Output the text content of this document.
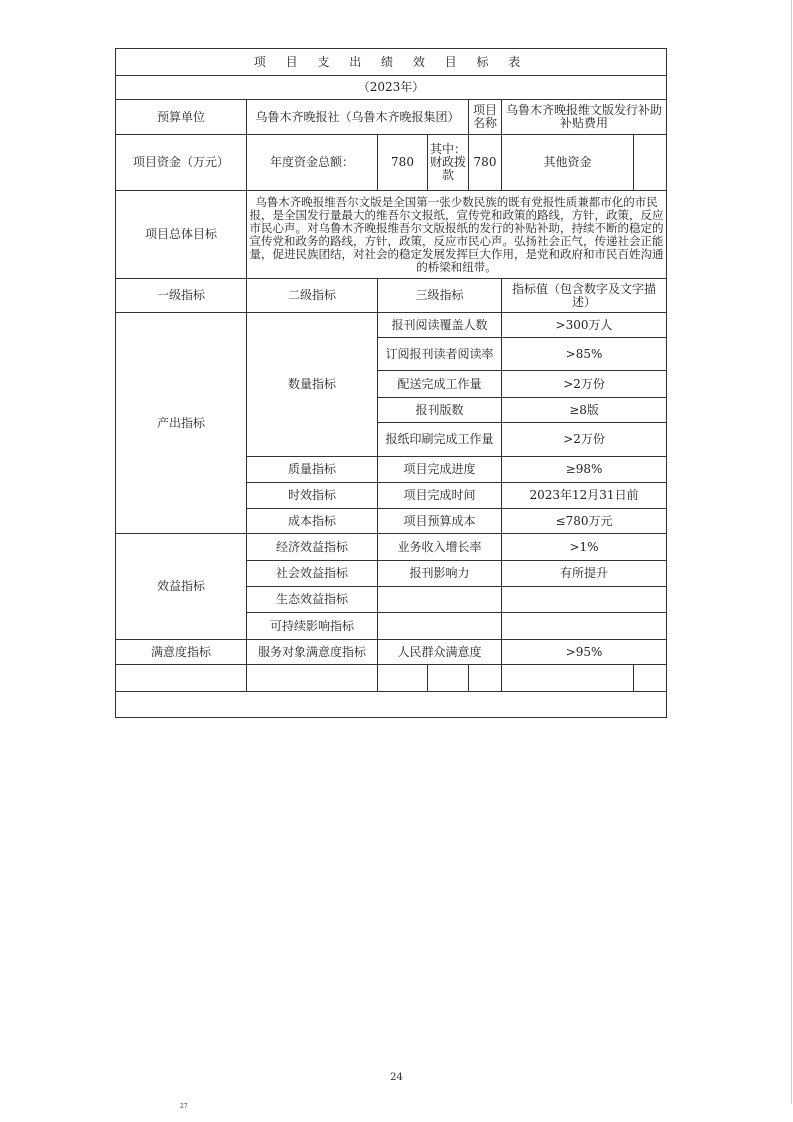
项 目 支 出 绩 效 目 标 表						
（2023年）						
预算单位	乌鲁木齐晚报社（乌鲁木齐晚报集团）			项目名称	乌鲁木齐晚报维文版发行补助补贴费用	
项目资金（万元）	年度资金总额：	780	其中：财政拨款	780	其他资金	
项目总体目标	乌鲁木齐晚报维吾尔文版是全国第一张少数民族的既有党报性质兼都市化的市民报，是全国发行量最大的维吾尔文报纸，宣传党和政策的路线，方针，政策，反应市民心声。对乌鲁木齐晚报维吾尔文版报纸的发行的补贴补助，持续不断的稳定的宣传党和政务的路线，方针，政策，反应市民心声。弘扬社会正气，传递社会正能量，促进民族团结，对社会的稳定发展发挥巨大作用，是党和政府和市民百姓沟通的桥梁和纽带。					
一级指标	二级指标	三级指标			指标值（包含数字及文字描述）	
产出指标	数量指标	报刊阅读覆盖人数			>300万人	
		订阅报刊读者阅读率			>85%	
		配送完成工作量			>2万份	
		报刊版数			≥8版	
		报纸印刷完成工作量			>2万份	
	质量指标	项目完成进度			≥98%	
	时效指标	项目完成时间			2023年12月31日前	
	成本指标	项目预算成本			≤780万元	
效益指标	经济效益指标	业务收入增长率			>1%	
	社会效益指标	报刊影响力			有所提升	
	生态效益指标					
	可持续影响指标					
满意度指标	服务对象满意度指标	人民群众满意度			>95%	

24
27
